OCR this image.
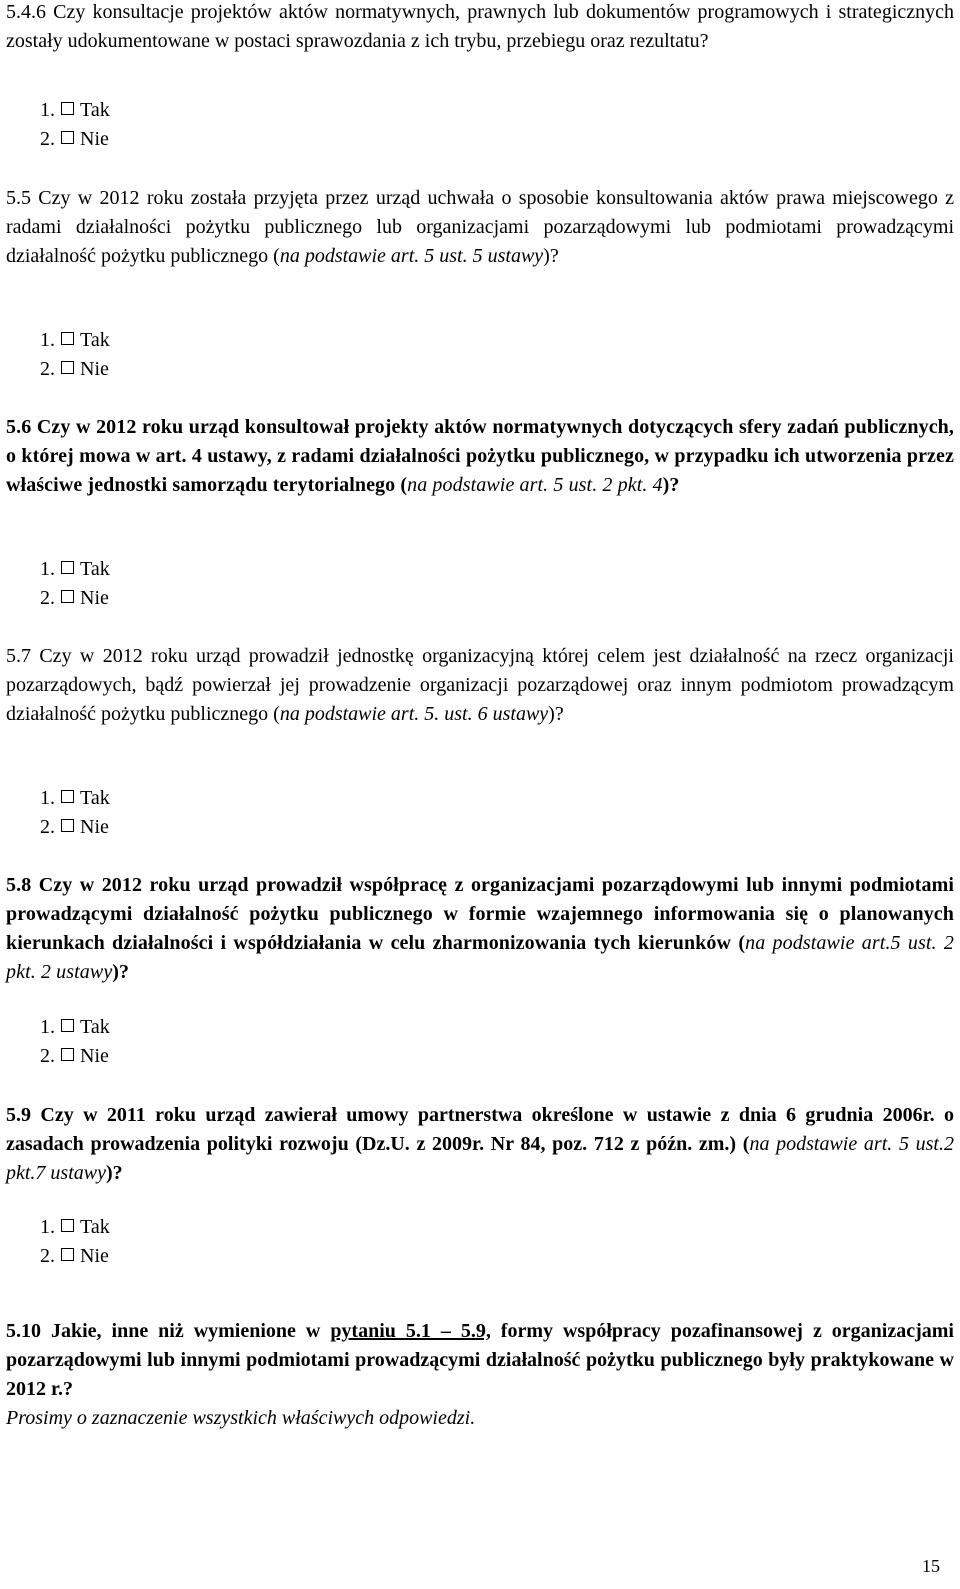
5.4.6 Czy konsultacje projektów aktów normatywnych, prawnych lub dokumentów programowych i strategicznych zostały udokumentowane w postaci sprawozdania z ich trybu, przebiegu oraz rezultatu?

1. Tak
2. Nie

5.5 Czy w 2012 roku została przyjęta przez urząd uchwała o sposobie konsultowania aktów prawa miejscowego z radami działalności pożytku publicznego lub organizacjami pozarządowymi lub podmiotami prowadzącymi działalność pożytku publicznego (na podstawie art. 5 ust. 5 ustawy)?

1. Tak
2. Nie

5.6 Czy w 2012 roku urząd konsultował projekty aktów normatywnych dotyczących sfery zadań publicznych, o której mowa w art. 4 ustawy, z radami działalności pożytku publicznego, w przypadku ich utworzenia przez właściwe jednostki samorządu terytorialnego (na podstawie art. 5 ust. 2 pkt. 4)?

1. Tak
2. Nie

5.7 Czy w 2012 roku urząd prowadził jednostkę organizacyjną której celem jest działalność na rzecz organizacji pozarządowych, bądź powierzał jej prowadzenie organizacji pozarządowej oraz innym podmiotom prowadzącym działalność pożytku publicznego (na podstawie art. 5. ust. 6 ustawy)?

1. Tak
2. Nie

5.8 Czy w 2012 roku urząd prowadził współpracę z organizacjami pozarządowymi lub innymi podmiotami prowadzącymi działalność pożytku publicznego w formie wzajemnego informowania się o planowanych kierunkach działalności i współdziałania w celu zharmonizowania tych kierunków (na podstawie art.5 ust. 2 pkt. 2 ustawy)?

1. Tak
2. Nie

5.9 Czy w 2011 roku urząd zawierał umowy partnerstwa określone w ustawie z dnia 6 grudnia 2006r. o zasadach prowadzenia polityki rozwoju (Dz.U. z 2009r. Nr 84, poz. 712 z późn. zm.) (na podstawie art. 5 ust.2 pkt.7 ustawy)?

1. Tak
2. Nie

5.10 Jakie, inne niż wymienione w pytaniu 5.1 – 5.9, formy współpracy pozafinansowej z organizacjami pozarządowymi lub innymi podmiotami prowadzącymi działalność pożytku publicznego były praktykowane w 2012 r.?

Prosimy o zaznaczenie wszystkich właściwych odpowiedzi.

15
